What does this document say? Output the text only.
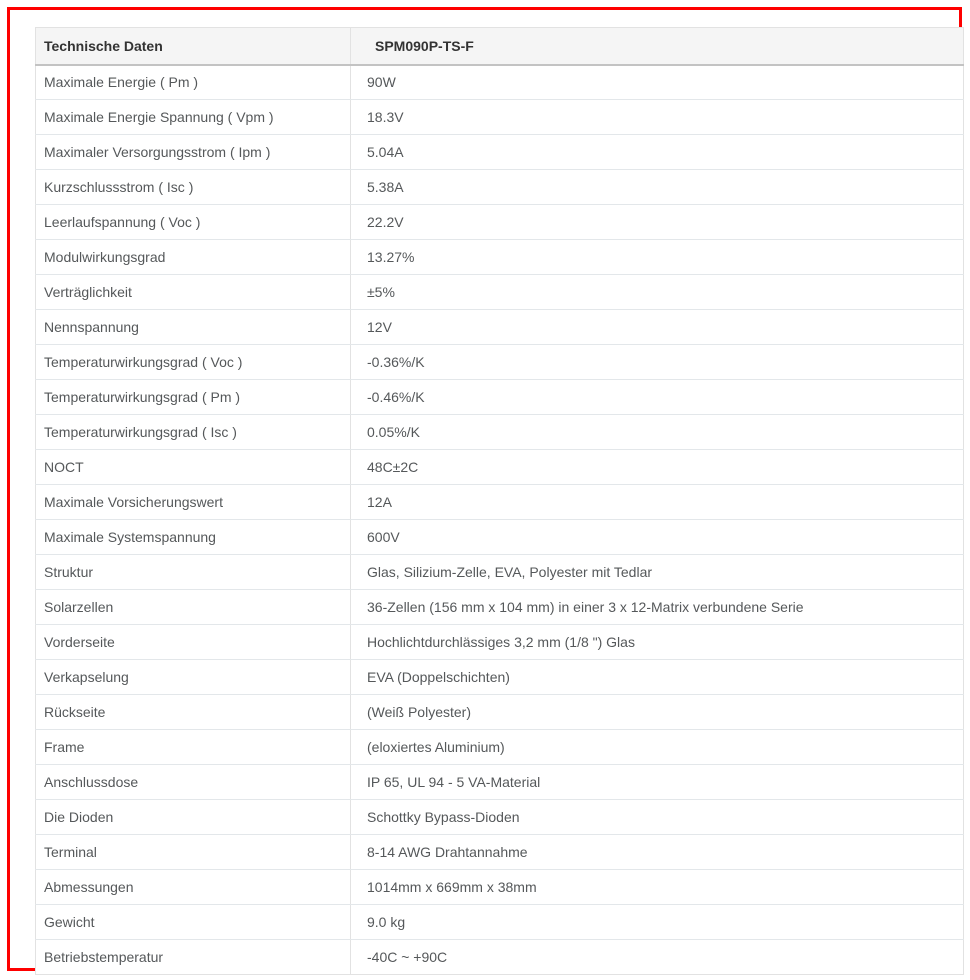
Technische Daten	SPM090P-TS-F
Maximale Energie ( Pm )	90W
Maximale Energie Spannung ( Vpm )	18.3V
Maximaler Versorgungsstrom ( Ipm )	5.04A
Kurzschlussstrom ( Isc )	5.38A
Leerlaufspannung ( Voc )	22.2V
Modulwirkungsgrad	13.27%
Verträglichkeit	±5%
Nennspannung	12V
Temperaturwirkungsgrad ( Voc )	-0.36%/K
Temperaturwirkungsgrad ( Pm )	-0.46%/K
Temperaturwirkungsgrad ( Isc )	0.05%/K
NOCT	48C±2C
Maximale Vorsicherungswert	12A
Maximale Systemspannung	600V
Struktur	Glas, Silizium-Zelle, EVA, Polyester mit Tedlar
Solarzellen	36-Zellen (156 mm x 104 mm) in einer 3 x 12-Matrix verbundene Serie
Vorderseite	Hochlichtdurchlässiges 3,2 mm (1/8 ") Glas
Verkapselung	EVA (Doppelschichten)
Rückseite	(Weiß Polyester)
Frame	(eloxiertes Aluminium)
Anschlussdose	IP 65, UL 94 - 5 VA-Material
Die Dioden	Schottky Bypass-Dioden
Terminal	8-14 AWG Drahtannahme
Abmessungen	1014mm x 669mm x 38mm
Gewicht	9.0 kg
Betriebstemperatur	-40C ~ +90C
